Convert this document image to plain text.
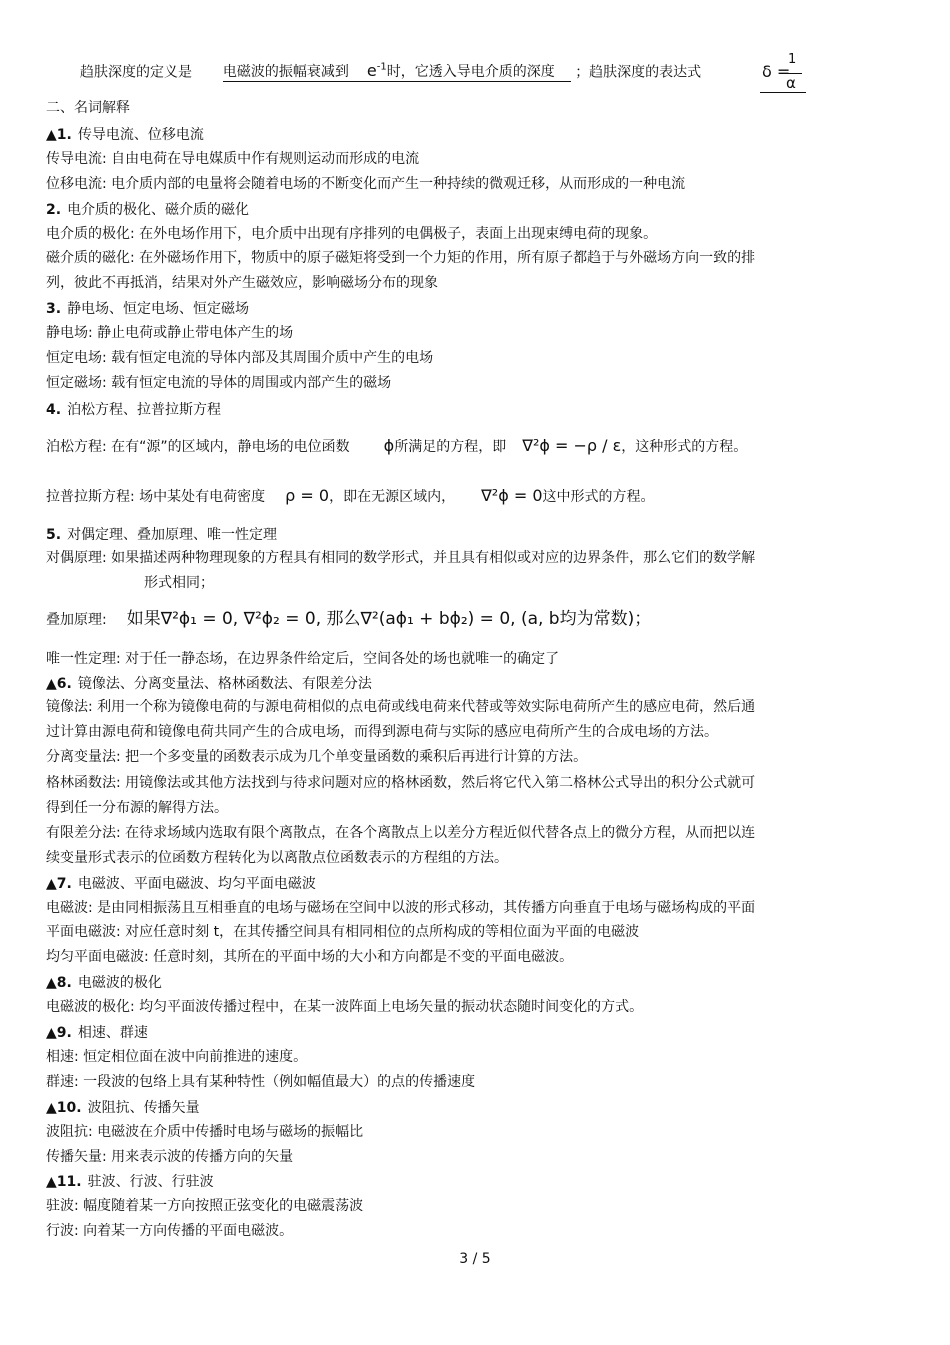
趋肤深度的定义是 电磁波的振幅衰减到 $e^{-1}$时，它透入导电介质的深度 ；趋肤深度的表达式	δ =
1
α
二、名词解释
▲1. 传导电流、位移电流
传导电流: 自由电荷在导电媒质中作有规则运动而形成的电流
位移电流: 电介质内部的电量将会随着电场的不断变化而产生一种持续的微观迁移，从而形成的一种电流
2. 电介质的极化、磁介质的磁化
电介质的极化: 在外电场作用下，电介质中出现有序排列的电偶极子，表面上出现束缚电荷的现象。
磁介质的磁化: 在外磁场作用下，物质中的原子磁矩将受到一个力矩的作用，所有原子都趋于与外磁场方向一致的排
列，彼此不再抵消，结果对外产生磁效应，影响磁场分布的现象
3. 静电场、恒定电场、恒定磁场
静电场: 静止电荷或静止带电体产生的场
恒定电场: 载有恒定电流的导体内部及其周围介质中产生的电场
恒定磁场: 载有恒定电流的导体的周围或内部产生的磁场
4. 泊松方程、拉普拉斯方程
泊松方程: 在有“源”的区域内，静电场的电位函数 ϕ所满足的方程，即 ∇²ϕ = −ρ / ε，这种形式的方程。
拉普拉斯方程: 场中某处有电荷密度 ρ = 0，即在无源区域内， ∇²ϕ = 0这中形式的方程。
5. 对偶定理、叠加原理、唯一性定理
对偶原理: 如果描述两种物理现象的方程具有相同的数学形式，并且具有相似或对应的边界条件，那么它们的数学解
形式相同；
叠加原理: 如果∇²ϕ₁ = 0, ∇²ϕ₂ = 0, 那么∇²(aϕ₁ + bϕ₂) = 0, (a, b均为常数)；
唯一性定理: 对于任一静态场，在边界条件给定后，空间各处的场也就唯一的确定了
▲6. 镜像法、分离变量法、格林函数法、有限差分法
镜像法: 利用一个称为镜像电荷的与源电荷相似的点电荷或线电荷来代替或等效实际电荷所产生的感应电荷，然后通
过计算由源电荷和镜像电荷共同产生的合成电场，而得到源电荷与实际的感应电荷所产生的合成电场的方法。
分离变量法: 把一个多变量的函数表示成为几个单变量函数的乘积后再进行计算的方法。
格林函数法: 用镜像法或其他方法找到与待求问题对应的格林函数，然后将它代入第二格林公式导出的积分公式就可
得到任一分布源的解得方法。
有限差分法: 在待求场域内选取有限个离散点，在各个离散点上以差分方程近似代替各点上的微分方程，从而把以连
续变量形式表示的位函数方程转化为以离散点位函数表示的方程组的方法。
▲7. 电磁波、平面电磁波、均匀平面电磁波
电磁波: 是由同相振荡且互相垂直的电场与磁场在空间中以波的形式移动，其传播方向垂直于电场与磁场构成的平面
平面电磁波: 对应任意时刻 t，在其传播空间具有相同相位的点所构成的等相位面为平面的电磁波
均匀平面电磁波: 任意时刻，其所在的平面中场的大小和方向都是不变的平面电磁波。
▲8. 电磁波的极化
电磁波的极化: 均匀平面波传播过程中，在某一波阵面上电场矢量的振动状态随时间变化的方式。
▲9. 相速、群速
相速: 恒定相位面在波中向前推进的速度。
群速: 一段波的包络上具有某种特性（例如幅值最大）的点的传播速度
▲10. 波阻抗、传播矢量
波阻抗: 电磁波在介质中传播时电场与磁场的振幅比
传播矢量: 用来表示波的传播方向的矢量
▲11. 驻波、行波、行驻波
驻波: 幅度随着某一方向按照正弦变化的电磁震荡波
行波: 向着某一方向传播的平面电磁波。
3 / 5
